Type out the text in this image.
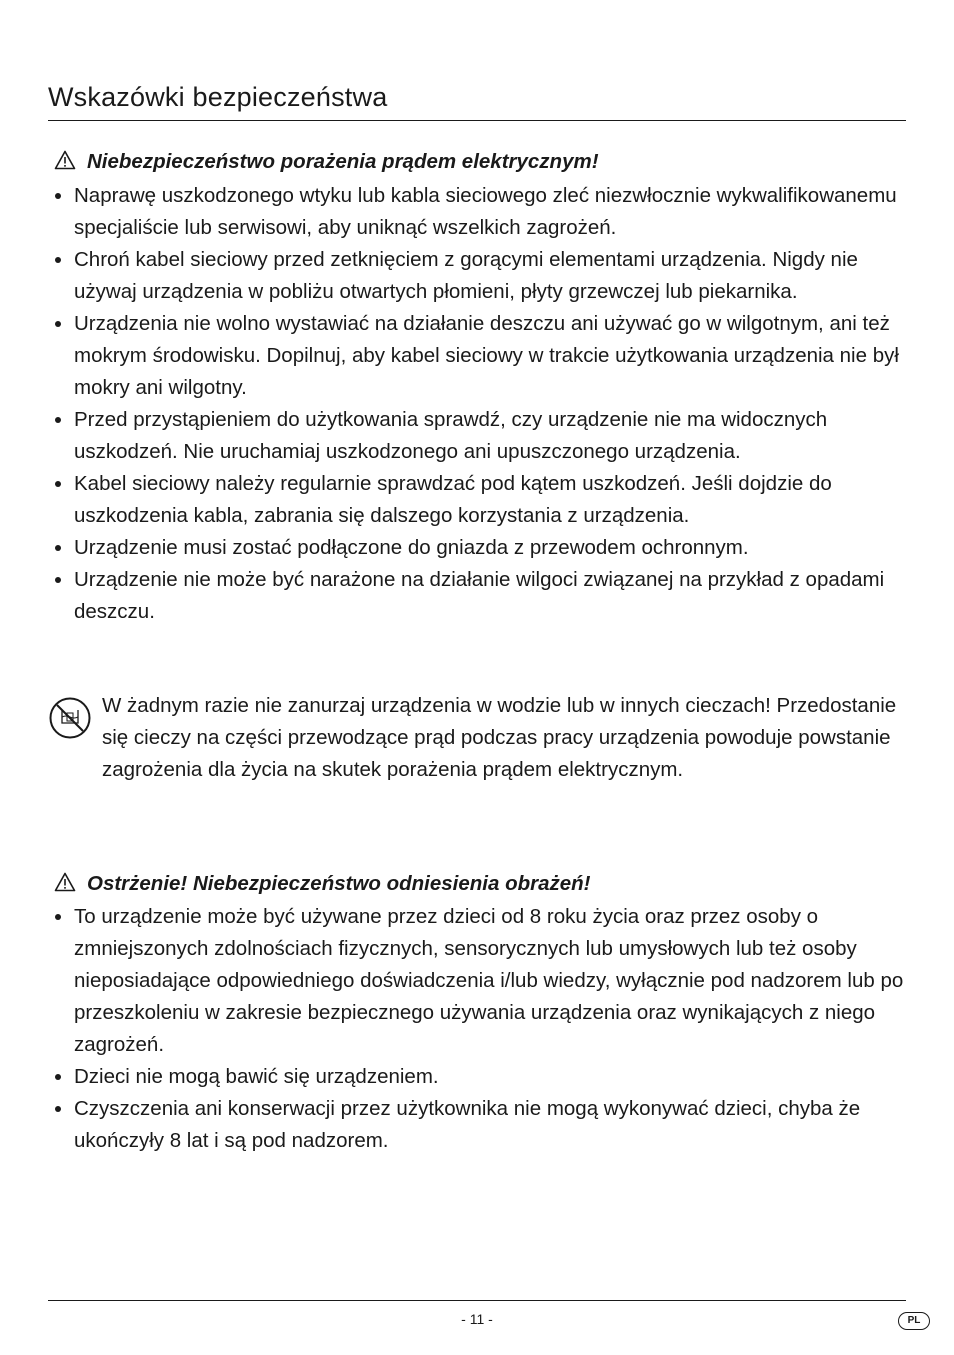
Wskazówki bezpieczeństwa
Niebezpieczeństwo porażenia prądem elektrycznym!
Naprawę uszkodzonego wtyku lub kabla sieciowego zleć niezwłocznie wykwalifikowanemu specjaliście lub serwisowi, aby uniknąć wszelkich zagrożeń.
Chroń kabel sieciowy przed zetknięciem z gorącymi elementami urządzenia. Nigdy nie używaj urządzenia w pobliżu otwartych płomieni, płyty grzewczej lub piekarnika.
Urządzenia nie wolno wystawiać na działanie deszczu ani używać go w wilgotnym, ani też mokrym środowisku. Dopilnuj, aby kabel sieciowy w trakcie użytkowania urządzenia nie był mokry ani wilgotny.
Przed przystąpieniem do użytkowania sprawdź, czy urządzenie nie ma widocznych uszkodzeń. Nie uruchamiaj uszkodzonego ani upuszczonego urządzenia.
Kabel sieciowy należy regularnie sprawdzać pod kątem uszkodzeń. Jeśli dojdzie do uszkodzenia kabla, zabrania się dalszego korzystania z urządzenia.
Urządzenie musi zostać podłączone do gniazda z przewodem ochronnym.
Urządzenie nie może być narażone na działanie wilgoci związanej na przykład z opadami deszczu.

W żadnym razie nie zanurzaj urządzenia w wodzie lub w innych cieczach! Przedostanie się cieczy na części przewodzące prąd podczas pracy urządzenia powoduje powstanie zagrożenia dla życia na skutek porażenia prądem elektrycznym.

Ostrżenie! Niebezpieczeństwo odniesienia obrażeń!
To urządzenie może być używane przez dzieci od 8 roku życia oraz przez osoby o zmniejszonych zdolnościach fizycznych, sensorycznych lub umysłowych lub też osoby nieposiadające odpowiedniego doświadczenia i/lub wiedzy, wyłącznie pod nadzorem lub po przeszkoleniu w zakresie bezpiecznego używania urządzenia oraz wynikających z niego zagrożeń.
Dzieci nie mogą bawić się urządzeniem.
Czyszczenia ani konserwacji przez użytkownika nie mogą wykonywać dzieci, chyba że ukończyły 8 lat i są pod nadzorem.
- 11 -	PL
